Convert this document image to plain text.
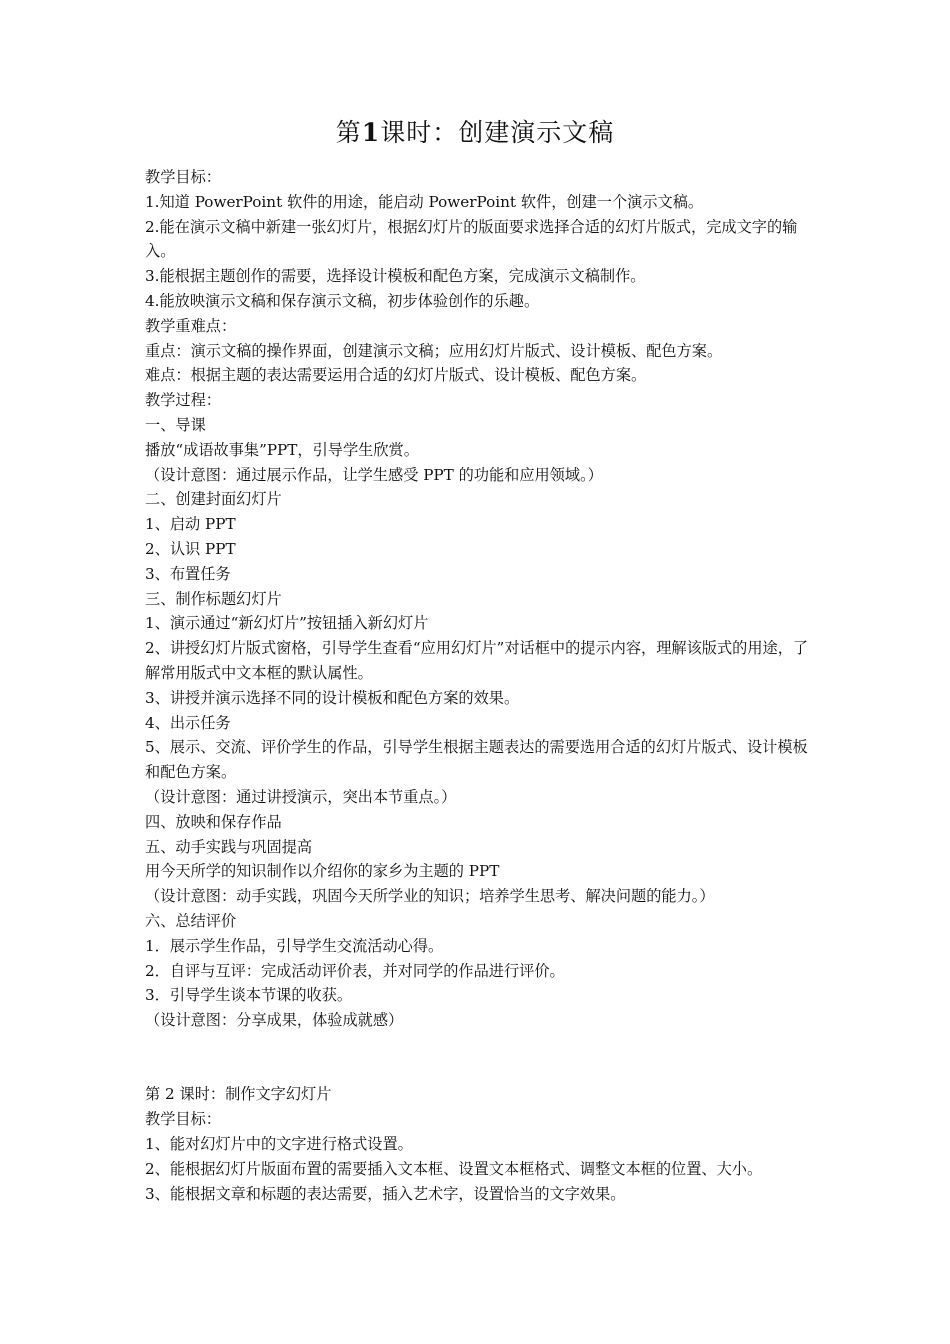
第1课时：创建演示文稿

教学目标：

1.知道 PowerPoint 软件的用途，能启动 PowerPoint 软件，创建一个演示文稿。

2.能在演示文稿中新建一张幻灯片，根据幻灯片的版面要求选择合适的幻灯片版式，完成文字的输入。

3.能根据主题创作的需要，选择设计模板和配色方案，完成演示文稿制作。

4.能放映演示文稿和保存演示文稿，初步体验创作的乐趣。

教学重难点：

重点：演示文稿的操作界面，创建演示文稿；应用幻灯片版式、设计模板、配色方案。

难点：根据主题的表达需要运用合适的幻灯片版式、设计模板、配色方案。

教学过程：

一、导课

播放“成语故事集”PPT，引导学生欣赏。

（设计意图：通过展示作品，让学生感受 PPT 的功能和应用领域。）

二、创建封面幻灯片

1、启动 PPT

2、认识 PPT

3、布置任务

三、制作标题幻灯片

1、演示通过“新幻灯片”按钮插入新幻灯片

2、讲授幻灯片版式窗格，引导学生查看“应用幻灯片”对话框中的提示内容，理解该版式的用途，了解常用版式中文本框的默认属性。

3、讲授并演示选择不同的设计模板和配色方案的效果。

4、出示任务

5、展示、交流、评价学生的作品，引导学生根据主题表达的需要选用合适的幻灯片版式、设计模板和配色方案。

（设计意图：通过讲授演示，突出本节重点。）

四、放映和保存作品

五、动手实践与巩固提高

用今天所学的知识制作以介绍你的家乡为主题的 PPT

（设计意图：动手实践，巩固今天所学业的知识；培养学生思考、解决问题的能力。）

六、总结评价

1．展示学生作品，引导学生交流活动心得。

2．自评与互评：完成活动评价表，并对同学的作品进行评价。

3．引导学生谈本节课的收获。

（设计意图：分享成果，体验成就感）

第 2 课时：制作文字幻灯片

教学目标：

1、能对幻灯片中的文字进行格式设置。

2、能根据幻灯片版面布置的需要插入文本框、设置文本框格式、调整文本框的位置、大小。

3、能根据文章和标题的表达需要，插入艺术字，设置恰当的文字效果。
